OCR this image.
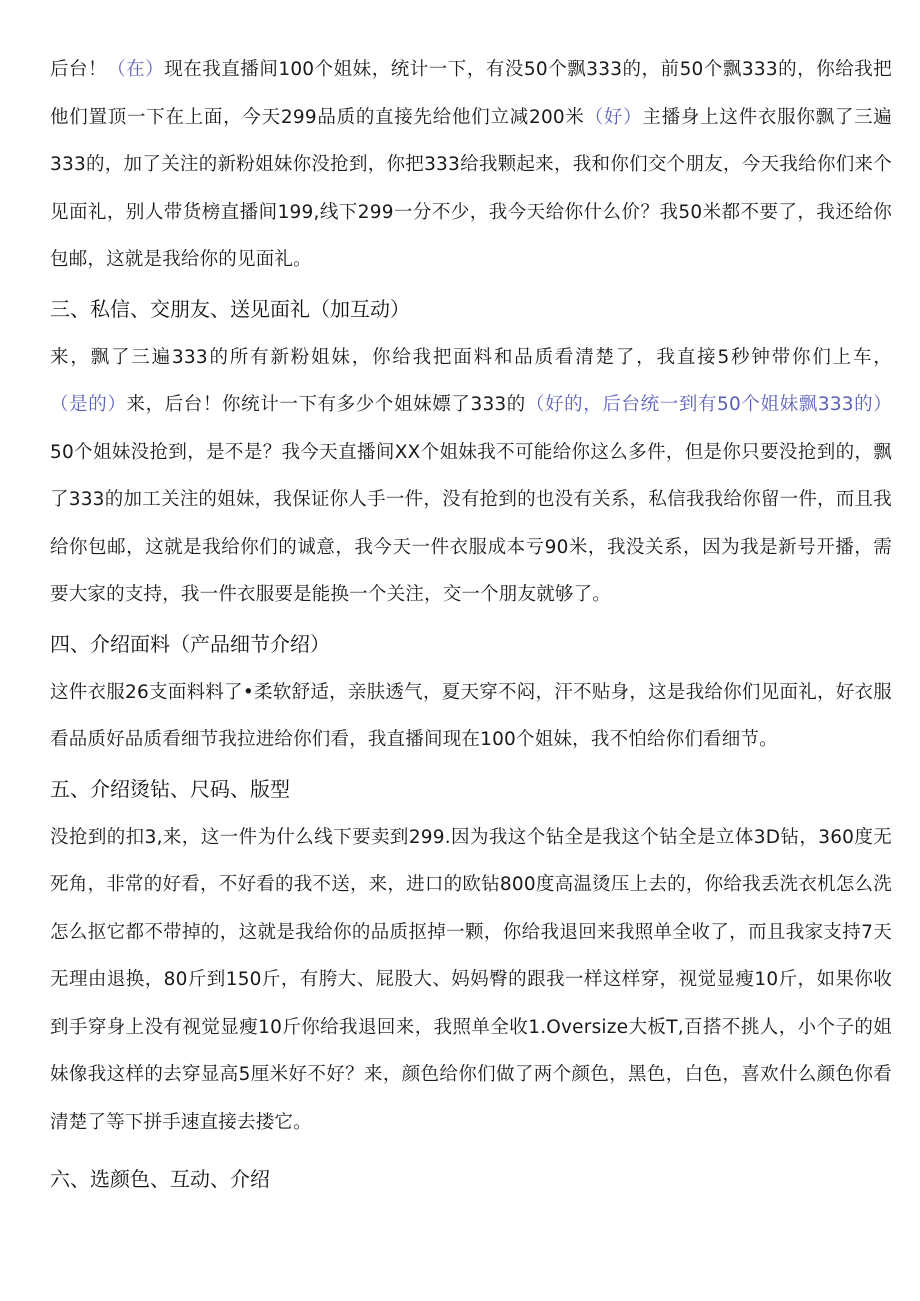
后台！（在）现在我直播间100个姐妹，统计一下，有没50个飘333的，前50个飘333的，你给我把他们置顶一下在上面，今天299品质的直接先给他们立减200米（好）主播身上这件衣服你飘了三遍333的，加了关注的新粉姐妹你没抢到，你把333给我颗起来，我和你们交个朋友，今天我给你们来个见面礼，别人带货榜直播间199,线下299一分不少，我今天给你什么价？我50米都不要了，我还给你包邮，这就是我给你的见面礼。

三、私信、交朋友、送见面礼（加互动）

来，飘了三遍333的所有新粉姐妹，你给我把面料和品质看清楚了，我直接5秒钟带你们上车，（是的）来，后台！你统计一下有多少个姐妹嫖了333的（好的，后台统一到有50个姐妹飘333的）50个姐妹没抢到，是不是？我今天直播间XX个姐妹我不可能给你这么多件，但是你只要没抢到的，飘了333的加工关注的姐妹，我保证你人手一件，没有抢到的也没有关系，私信我我给你留一件，而且我给你包邮，这就是我给你们的诚意，我今天一件衣服成本亏90米，我没关系，因为我是新号开播，需要大家的支持，我一件衣服要是能换一个关注，交一个朋友就够了。

四、介绍面料（产品细节介绍）

这件衣服26支面料料了•柔软舒适，亲肤透气，夏天穿不闷，汗不贴身，这是我给你们见面礼，好衣服看品质好品质看细节我拉进给你们看，我直播间现在100个姐妹，我不怕给你们看细节。

五、介绍烫钻、尺码、版型

没抢到的扣3,来，这一件为什么线下要卖到299.因为我这个钻全是我这个钻全是立体3D钻，360度无死角，非常的好看，不好看的我不送，来，进口的欧钻800度高温烫压上去的，你给我丢洗衣机怎么洗怎么抠它都不带掉的，这就是我给你的品质抠掉一颗，你给我退回来我照单全收了，而且我家支持7天无理由退换，80斤到150斤，有胯大、屁股大、妈妈臀的跟我一样这样穿，视觉显瘦10斤，如果你收到手穿身上没有视觉显瘦10斤你给我退回来，我照单全收1.Oversize大板T,百搭不挑人，小个子的姐妹像我这样的去穿显高5厘米好不好？来，颜色给你们做了两个颜色，黑色，白色，喜欢什么颜色你看清楚了等下拼手速直接去搂它。

六、选颜色、互动、介绍
